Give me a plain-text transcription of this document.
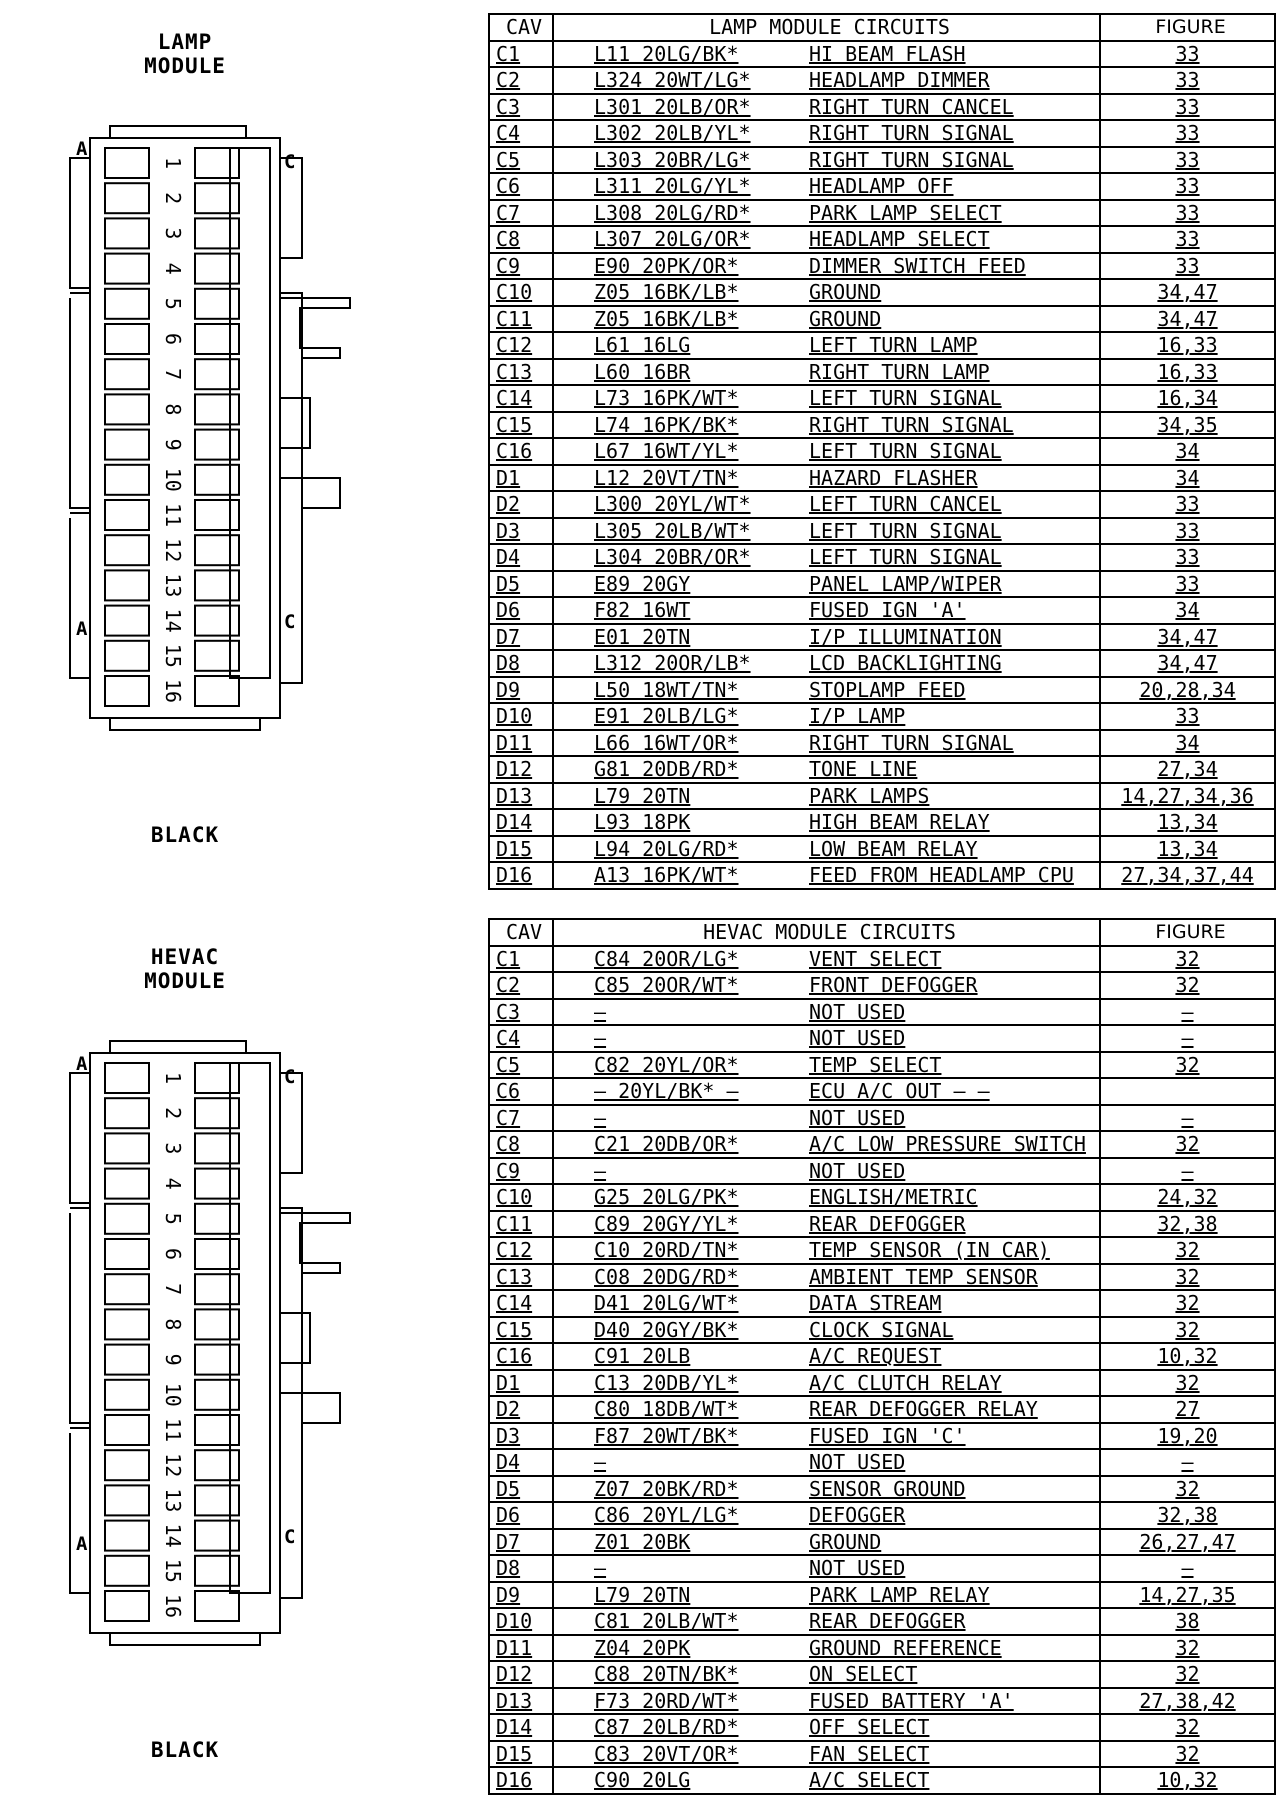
LAMP
MODULE
A
A
C
C
1
2
3
4
5
6
7
8
9
10
11
12
13
14
15
16
BLACK
CAV	LAMP MODULE CIRCUITS		FIGURE
C1	L11 20LG/BK*	HI BEAM FLASH	33
C2	L324 20WT/LG*	HEADLAMP DIMMER	33
C3	L301 20LB/OR*	RIGHT TURN CANCEL	33
C4	L302 20LB/YL*	RIGHT TURN SIGNAL	33
C5	L303 20BR/LG*	RIGHT TURN SIGNAL	33
C6	L311 20LG/YL*	HEADLAMP OFF	33
C7	L308 20LG/RD*	PARK LAMP SELECT	33
C8	L307 20LG/OR*	HEADLAMP SELECT	33
C9	E90 20PK/OR*	DIMMER SWITCH FEED	33
C10	Z05 16BK/LB*	GROUND	34,47
C11	Z05 16BK/LB*	GROUND	34,47
C12	L61 16LG	LEFT TURN LAMP	16,33
C13	L60 16BR	RIGHT TURN LAMP	16,33
C14	L73 16PK/WT*	LEFT TURN SIGNAL	16,34
C15	L74 16PK/BK*	RIGHT TURN SIGNAL	34,35
C16	L67 16WT/YL*	LEFT TURN SIGNAL	34
D1	L12 20VT/TN*	HAZARD FLASHER	34
D2	L300 20YL/WT*	LEFT TURN CANCEL	33
D3	L305 20LB/WT*	LEFT TURN SIGNAL	33
D4	L304 20BR/OR*	LEFT TURN SIGNAL	33
D5	E89 20GY	PANEL LAMP/WIPER	33
D6	F82 16WT	FUSED IGN 'A'	34
D7	E01 20TN	I/P ILLUMINATION	34,47
D8	L312 20OR/LB*	LCD BACKLIGHTING	34,47
D9	L50 18WT/TN*	STOPLAMP FEED	20,28,34
D10	E91 20LB/LG*	I/P LAMP	33
D11	L66 16WT/OR*	RIGHT TURN SIGNAL	34
D12	G81 20DB/RD*	TONE LINE	27,34
D13	L79 20TN	PARK LAMPS	14,27,34,36
D14	L93 18PK	HIGH BEAM RELAY	13,34
D15	L94 20LG/RD*	LOW BEAM RELAY	13,34
D16	A13 16PK/WT*	FEED FROM HEADLAMP CPU	27,34,37,44
HEVAC
MODULE
A
A
C
C
1
2
3
4
5
6
7
8
9
10
11
12
13
14
15
16
BLACK
CAV	HEVAC MODULE CIRCUITS		FIGURE
C1	C84 20OR/LG*	VENT SELECT	32
C2	C85 20OR/WT*	FRONT DEFOGGER	32
C3	—	NOT USED	—
C4	—	NOT USED	—
C5	C82 20YL/OR*	TEMP SELECT	32
C6	— 20YL/BK* —	ECU A/C OUT — —	
C7	—	NOT USED	—
C8	C21 20DB/OR*	A/C LOW PRESSURE SWITCH	32
C9	—	NOT USED	—
C10	G25 20LG/PK*	ENGLISH/METRIC	24,32
C11	C89 20GY/YL*	REAR DEFOGGER	32,38
C12	C10 20RD/TN*	TEMP SENSOR (IN CAR)	32
C13	C08 20DG/RD*	AMBIENT TEMP SENSOR	32
C14	D41 20LG/WT*	DATA STREAM	32
C15	D40 20GY/BK*	CLOCK SIGNAL	32
C16	C91 20LB	A/C REQUEST	10,32
D1	C13 20DB/YL*	A/C CLUTCH RELAY	32
D2	C80 18DB/WT*	REAR DEFOGGER RELAY	27
D3	F87 20WT/BK*	FUSED IGN 'C'	19,20
D4	—	NOT USED	—
D5	Z07 20BK/RD*	SENSOR GROUND	32
D6	C86 20YL/LG*	DEFOGGER	32,38
D7	Z01 20BK	GROUND	26,27,47
D8	—	NOT USED	—
D9	L79 20TN	PARK LAMP RELAY	14,27,35
D10	C81 20LB/WT*	REAR DEFOGGER	38
D11	Z04 20PK	GROUND REFERENCE	32
D12	C88 20TN/BK*	ON SELECT	32
D13	F73 20RD/WT*	FUSED BATTERY 'A'	27,38,42
D14	C87 20LB/RD*	OFF SELECT	32
D15	C83 20VT/OR*	FAN SELECT	32
D16	C90 20LG	A/C SELECT	10,32
